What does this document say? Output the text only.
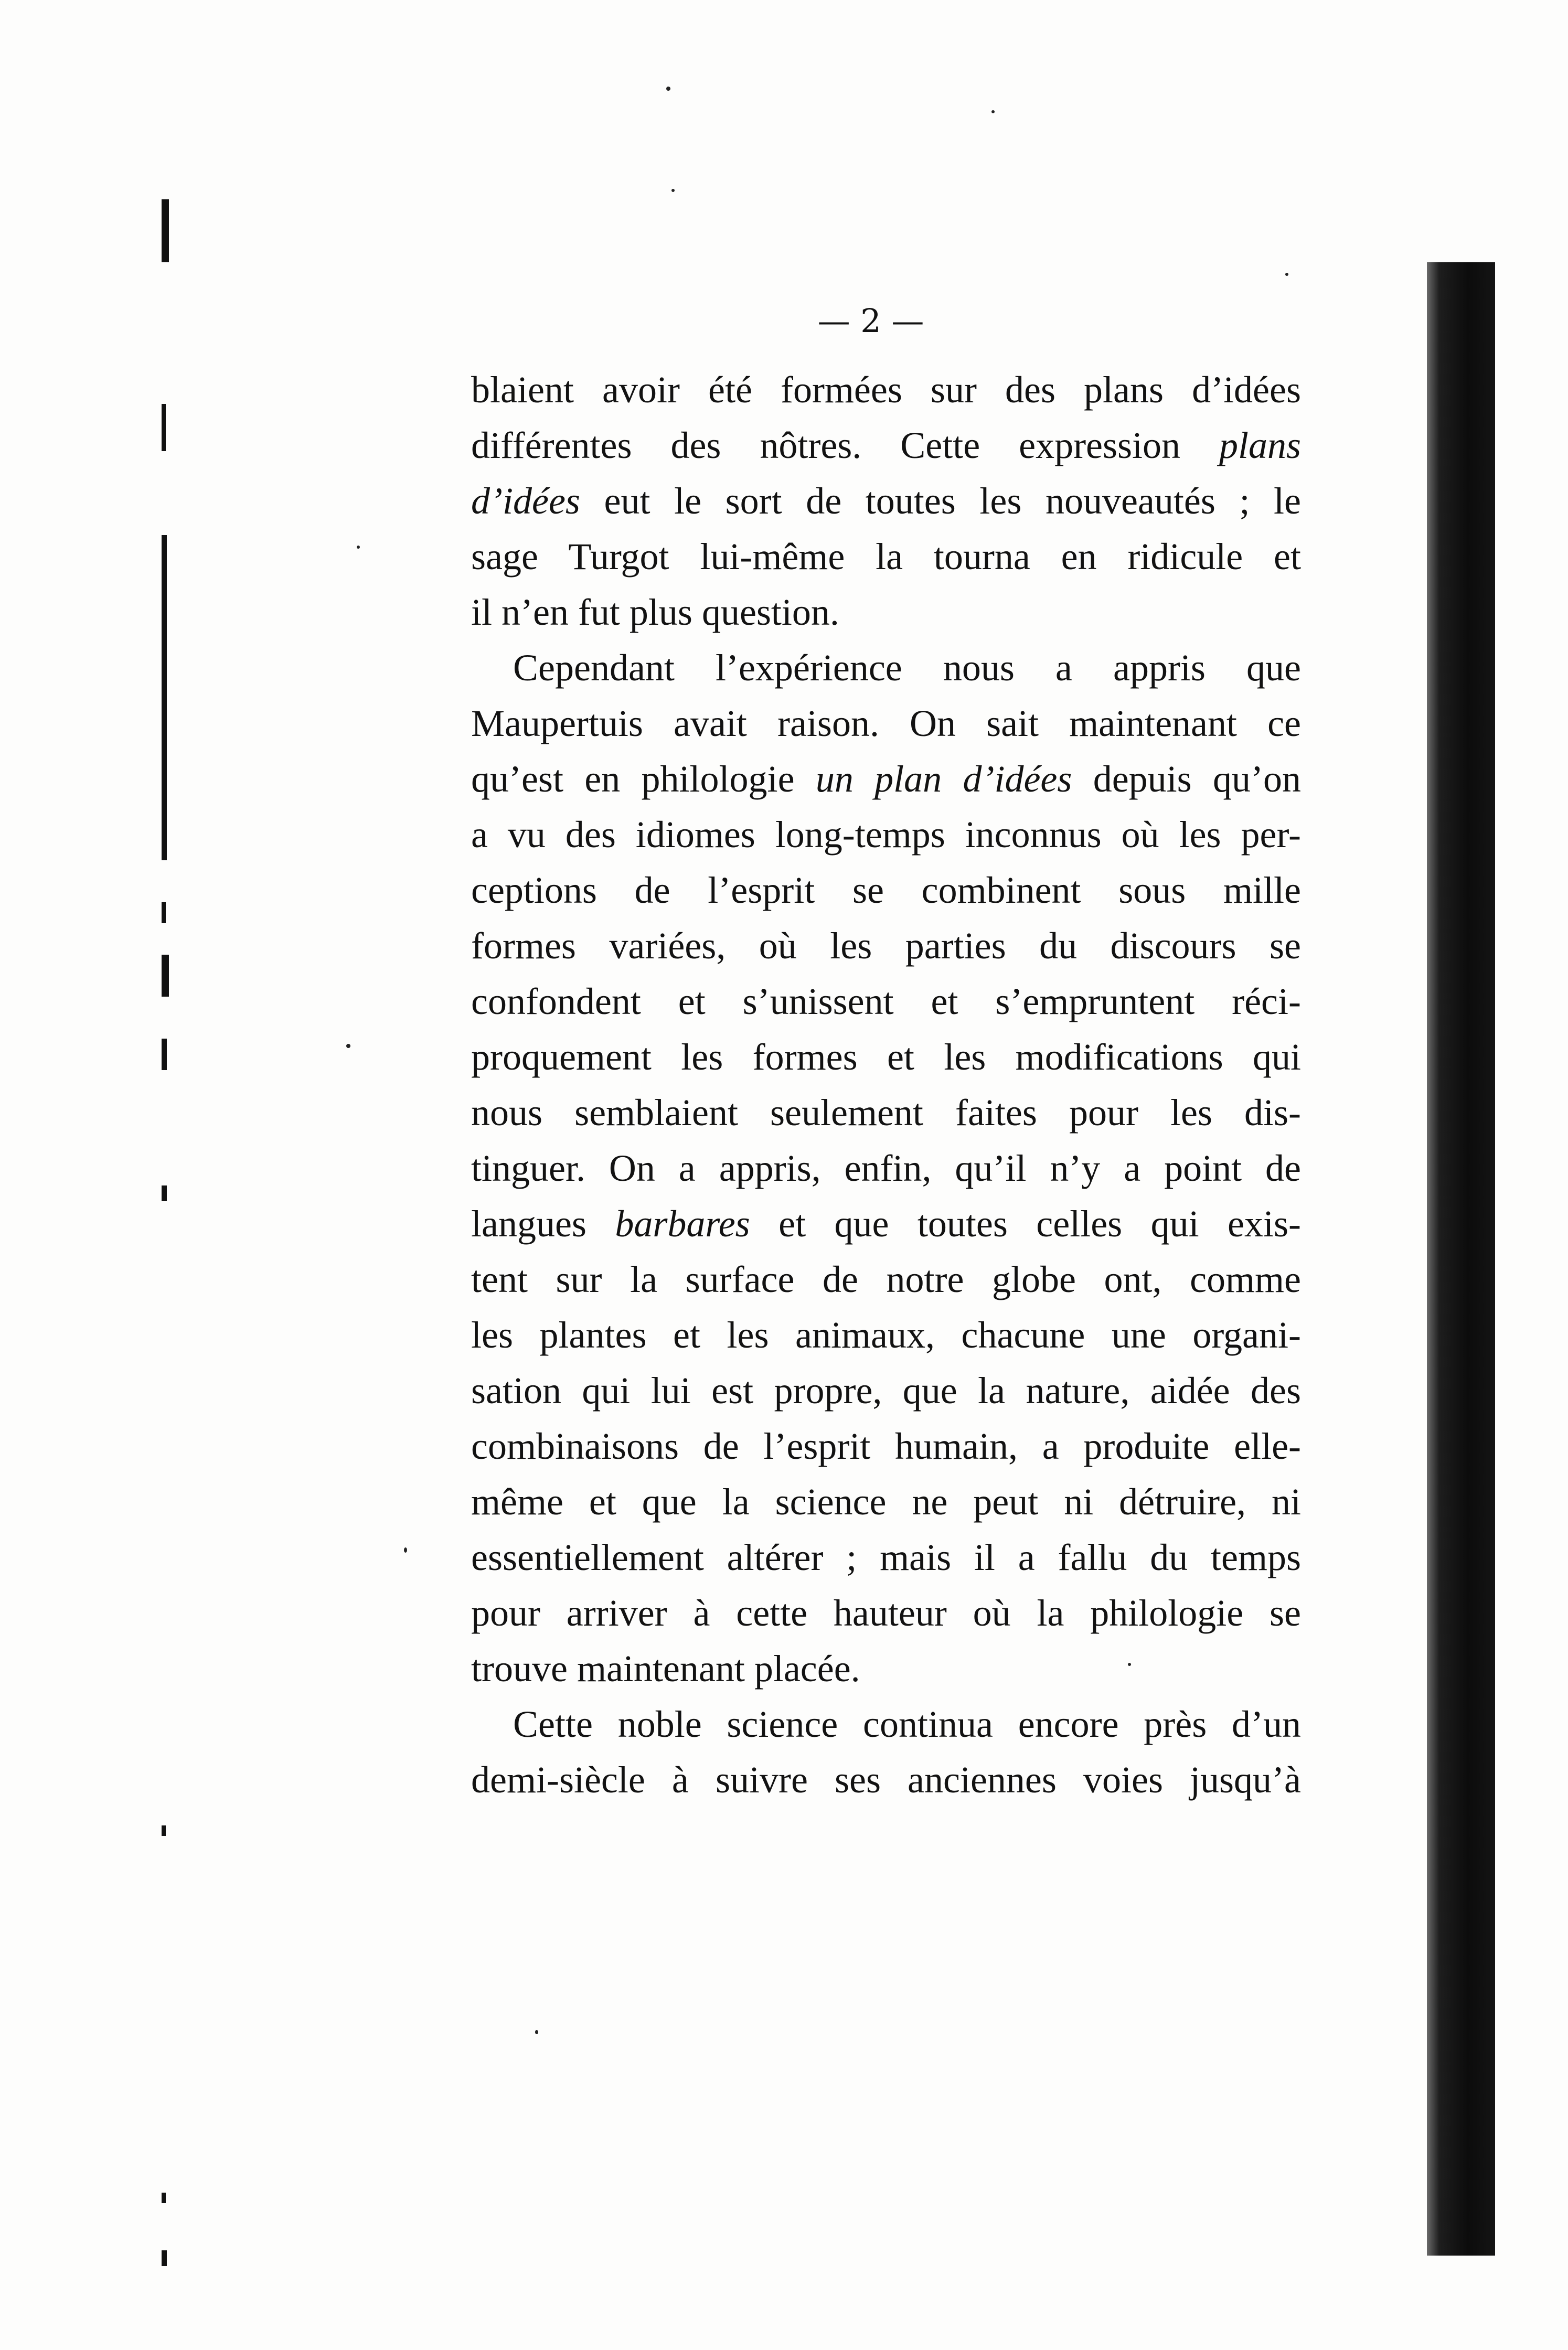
— 2 —

blaient avoir été formées sur des plans d’idées
différentes des nôtres. Cette expression plans
d’idées eut le sort de toutes les nouveautés ; le
sage Turgot lui-même la tourna en ridicule et
il n’en fut plus question.

Cependant l’expérience nous a appris que
Maupertuis avait raison. On sait maintenant ce
qu’est en philologie un plan d’idées depuis qu’on
a vu des idiomes long-temps inconnus où les per-
ceptions de l’esprit se combinent sous mille
formes variées, où les parties du discours se
confondent et s’unissent et s’empruntent réci-
proquement les formes et les modifications qui
nous semblaient seulement faites pour les dis-
tinguer. On a appris, enfin, qu’il n’y a point de
langues barbares et que toutes celles qui exis-
tent sur la surface de notre globe ont, comme
les plantes et les animaux, chacune une organi-
sation qui lui est propre, que la nature, aidée des
combinaisons de l’esprit humain, a produite elle-
même et que la science ne peut ni détruire, ni
essentiellement altérer ; mais il a fallu du temps
pour arriver à cette hauteur où la philologie se
trouve maintenant placée.

Cette noble science continua encore près d’un
demi-siècle à suivre ses anciennes voies jusqu’à
